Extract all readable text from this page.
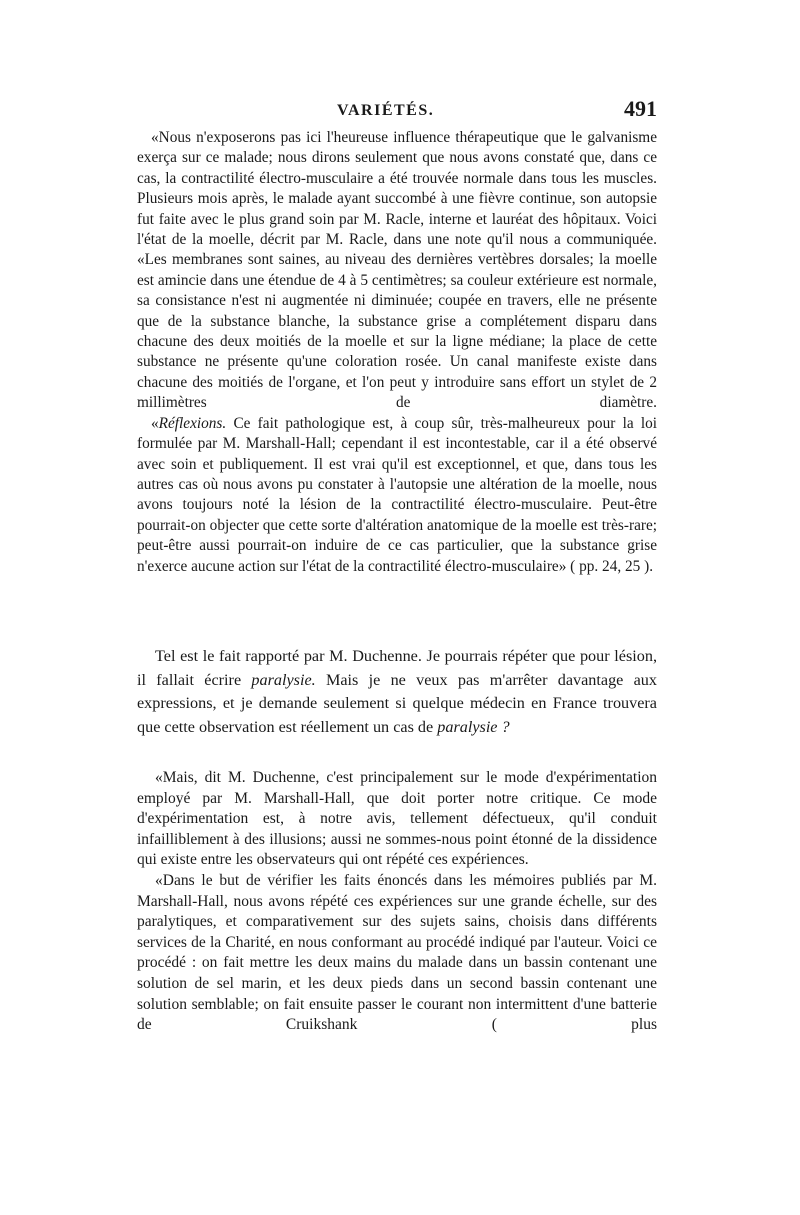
VARIÉTÉS.	491

«Nous n'exposerons pas ici l'heureuse influence thérapeutique que le galvanisme exerça sur ce malade; nous dirons seulement que nous avons constaté que, dans ce cas, la contractilité électro-musculaire a été trouvée normale dans tous les muscles. Plusieurs mois après, le malade ayant succombé à une fièvre continue, son autopsie fut faite avec le plus grand soin par M. Racle, interne et lauréat des hôpitaux. Voici l'état de la moelle, décrit par M. Racle, dans une note qu'il nous a communiquée. «Les membranes sont saines, au niveau des dernières vertèbres dorsales; la moelle est amincie dans une étendue de 4 à 5 centimètres; sa couleur extérieure est normale, sa consistance n'est ni augmentée ni diminuée; coupée en travers, elle ne présente que de la substance blanche, la substance grise a complétement disparu dans chacune des deux moitiés de la moelle et sur la ligne médiane; la place de cette substance ne présente qu'une coloration rosée. Un canal manifeste existe dans chacune des moitiés de l'organe, et l'on peut y introduire sans effort un stylet de 2 millimètres de diamètre.

«Réflexions. Ce fait pathologique est, à coup sûr, très-malheureux pour la loi formulée par M. Marshall-Hall; cependant il est incontestable, car il a été observé avec soin et publiquement. Il est vrai qu'il est exceptionnel, et que, dans tous les autres cas où nous avons pu constater à l'autopsie une altération de la moelle, nous avons toujours noté la lésion de la contractilité électro-musculaire. Peut-être pourrait-on objecter que cette sorte d'altération anatomique de la moelle est très-rare; peut-être aussi pourrait-on induire de ce cas particulier, que la substance grise n'exerce aucune action sur l'état de la contractilité électro-musculaire» ( pp. 24, 25 ).

Tel est le fait rapporté par M. Duchenne. Je pourrais répéter que pour lésion, il fallait écrire paralysie. Mais je ne veux pas m'arrêter davantage aux expressions, et je demande seulement si quelque médecin en France trouvera que cette observation est réellement un cas de paralysie ?

«Mais, dit M. Duchenne, c'est principalement sur le mode d'expérimentation employé par M. Marshall-Hall, que doit porter notre critique. Ce mode d'expérimentation est, à notre avis, tellement défectueux, qu'il conduit infailliblement à des illusions; aussi ne sommes-nous point étonné de la dissidence qui existe entre les observateurs qui ont répété ces expériences.

«Dans le but de vérifier les faits énoncés dans les mémoires publiés par M. Marshall-Hall, nous avons répété ces expériences sur une grande échelle, sur des paralytiques, et comparativement sur des sujets sains, choisis dans différents services de la Charité, en nous conformant au procédé indiqué par l'auteur. Voici ce procédé : on fait mettre les deux mains du malade dans un bassin contenant une solution de sel marin, et les deux pieds dans un second bassin contenant une solution semblable; on fait ensuite passer le courant non intermittent d'une batterie de Cruikshank ( plus
